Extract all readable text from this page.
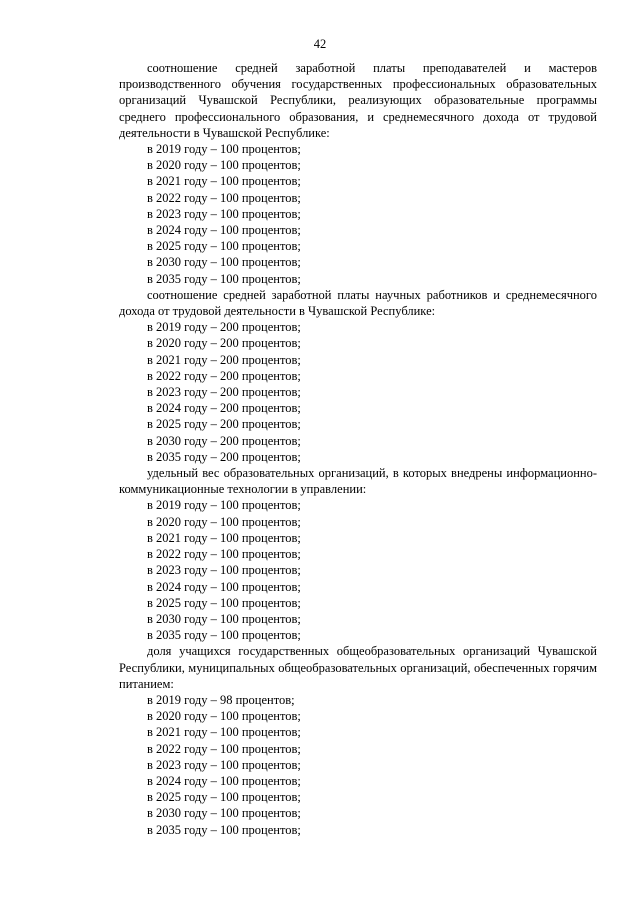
42

соотношение средней заработной платы преподавателей и мастеров производственного обучения государственных профессиональных образовательных организаций Чувашской Республики, реализующих образовательные программы среднего профессионального образования, и среднемесячного дохода от трудовой деятельности в Чувашской Республике:

в 2019 году – 100 процентов;
в 2020 году – 100 процентов;
в 2021 году – 100 процентов;
в 2022 году – 100 процентов;
в 2023 году – 100 процентов;
в 2024 году – 100 процентов;
в 2025 году – 100 процентов;
в 2030 году – 100 процентов;
в 2035 году – 100 процентов;

соотношение средней заработной платы научных работников и среднемесячного дохода от трудовой деятельности в Чувашской Республике:

в 2019 году – 200 процентов;
в 2020 году – 200 процентов;
в 2021 году – 200 процентов;
в 2022 году – 200 процентов;
в 2023 году – 200 процентов;
в 2024 году – 200 процентов;
в 2025 году – 200 процентов;
в 2030 году – 200 процентов;
в 2035 году – 200 процентов;

удельный вес образовательных организаций, в которых внедрены информационно-коммуникационные технологии в управлении:

в 2019 году – 100 процентов;
в 2020 году – 100 процентов;
в 2021 году – 100 процентов;
в 2022 году – 100 процентов;
в 2023 году – 100 процентов;
в 2024 году – 100 процентов;
в 2025 году – 100 процентов;
в 2030 году – 100 процентов;
в 2035 году – 100 процентов;

доля учащихся государственных общеобразовательных организаций Чувашской Республики, муниципальных общеобразовательных организаций, обеспеченных горячим питанием:

в 2019 году – 98 процентов;
в 2020 году – 100 процентов;
в 2021 году – 100 процентов;
в 2022 году – 100 процентов;
в 2023 году – 100 процентов;
в 2024 году – 100 процентов;
в 2025 году – 100 процентов;
в 2030 году – 100 процентов;
в 2035 году – 100 процентов;
